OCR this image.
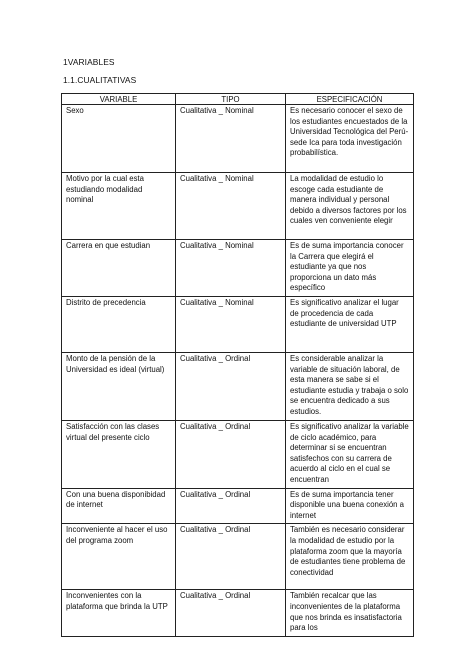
1VARIABLES
1.1.CUALITATIVAS
VARIABLE	TIPO	ESPECIFICACIÓN
Sexo	Cualitativa _ Nominal	Es necesario conocer el sexo de los estudiantes encuestados de la Universidad Tecnológica del Perú- sede Ica para toda investigación probabilística.
Motivo por la cual esta estudiando modalidad nominal	Cualitativa _ Nominal	La modalidad de estudio lo escoge cada estudiante de manera individual y personal debido a diversos factores por los cuales ven conveniente elegir
Carrera en que estudian	Cualitativa _ Nominal	Es de suma importancia conocer la Carrera que elegirá el estudiante ya que nos proporciona un dato más específico
Distrito de precedencia	Cualitativa _ Nominal	Es significativo analizar el lugar de procedencia de cada estudiante de universidad UTP
Monto de la pensión de la Universidad es ideal (virtual)	Cualitativa _ Ordinal	Es considerable analizar la variable de situación laboral, de esta manera se sabe si el estudiante estudia y trabaja o solo se encuentra dedicado a sus estudios.
Satisfacción con las clases virtual del presente ciclo	Cualitativa _ Ordinal	Es significativo analizar la variable de ciclo académico, para determinar si se encuentran satisfechos con su carrera de acuerdo al ciclo en el cual se encuentran
Con una buena disponibidad de internet	Cualitativa _ Ordinal	Es de suma importancia tener disponible una buena conexión a internet
Inconveniente al hacer el uso del programa zoom	Cualitativa _ Ordinal	También es necesario considerar la modalidad de estudio por la plataforma zoom que la mayoría de estudiantes tiene problema de conectividad
Inconvenientes con la plataforma que brinda la UTP	Cualitativa _ Ordinal	También recalcar que las inconvenientes de la plataforma que nos brinda es insatisfactoria para los
